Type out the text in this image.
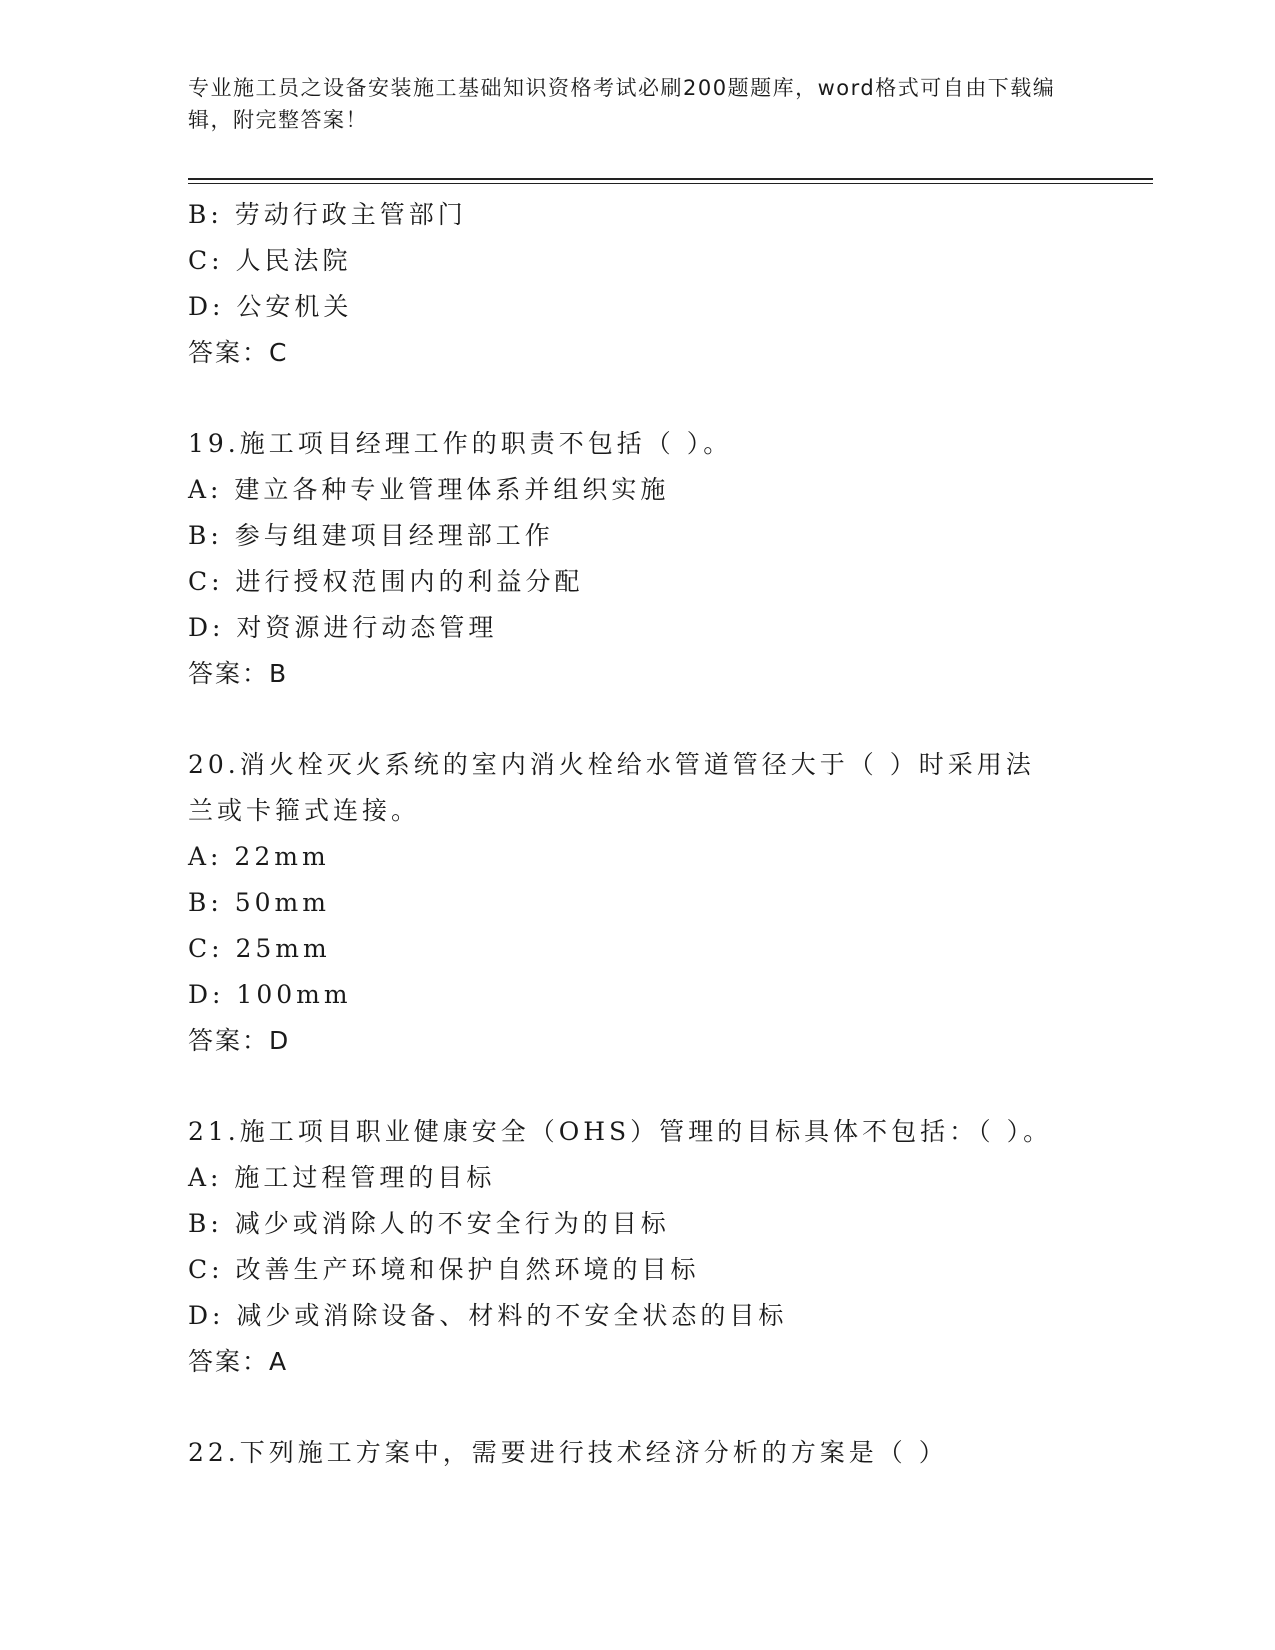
专业施工员之设备安装施工基础知识资格考试必刷200题题库，word格式可自由下载编辑，附完整答案！
B: 劳动行政主管部门
C: 人民法院
D: 公安机关
答案：C
19.施工项目经理工作的职责不包括（ ）。
A: 建立各种专业管理体系并组织实施
B: 参与组建项目经理部工作
C: 进行授权范围内的利益分配
D: 对资源进行动态管理
答案：B
20.消火栓灭火系统的室内消火栓给水管道管径大于（ ）时采用法兰或卡箍式连接。
A: 22mm
B: 50mm
C: 25mm
D: 100mm
答案：D
21.施工项目职业健康安全（OHS）管理的目标具体不包括：（ ）。
A: 施工过程管理的目标
B: 减少或消除人的不安全行为的目标
C: 改善生产环境和保护自然环境的目标
D: 减少或消除设备、材料的不安全状态的目标
答案：A
22.下列施工方案中，需要进行技术经济分析的方案是（ ）
